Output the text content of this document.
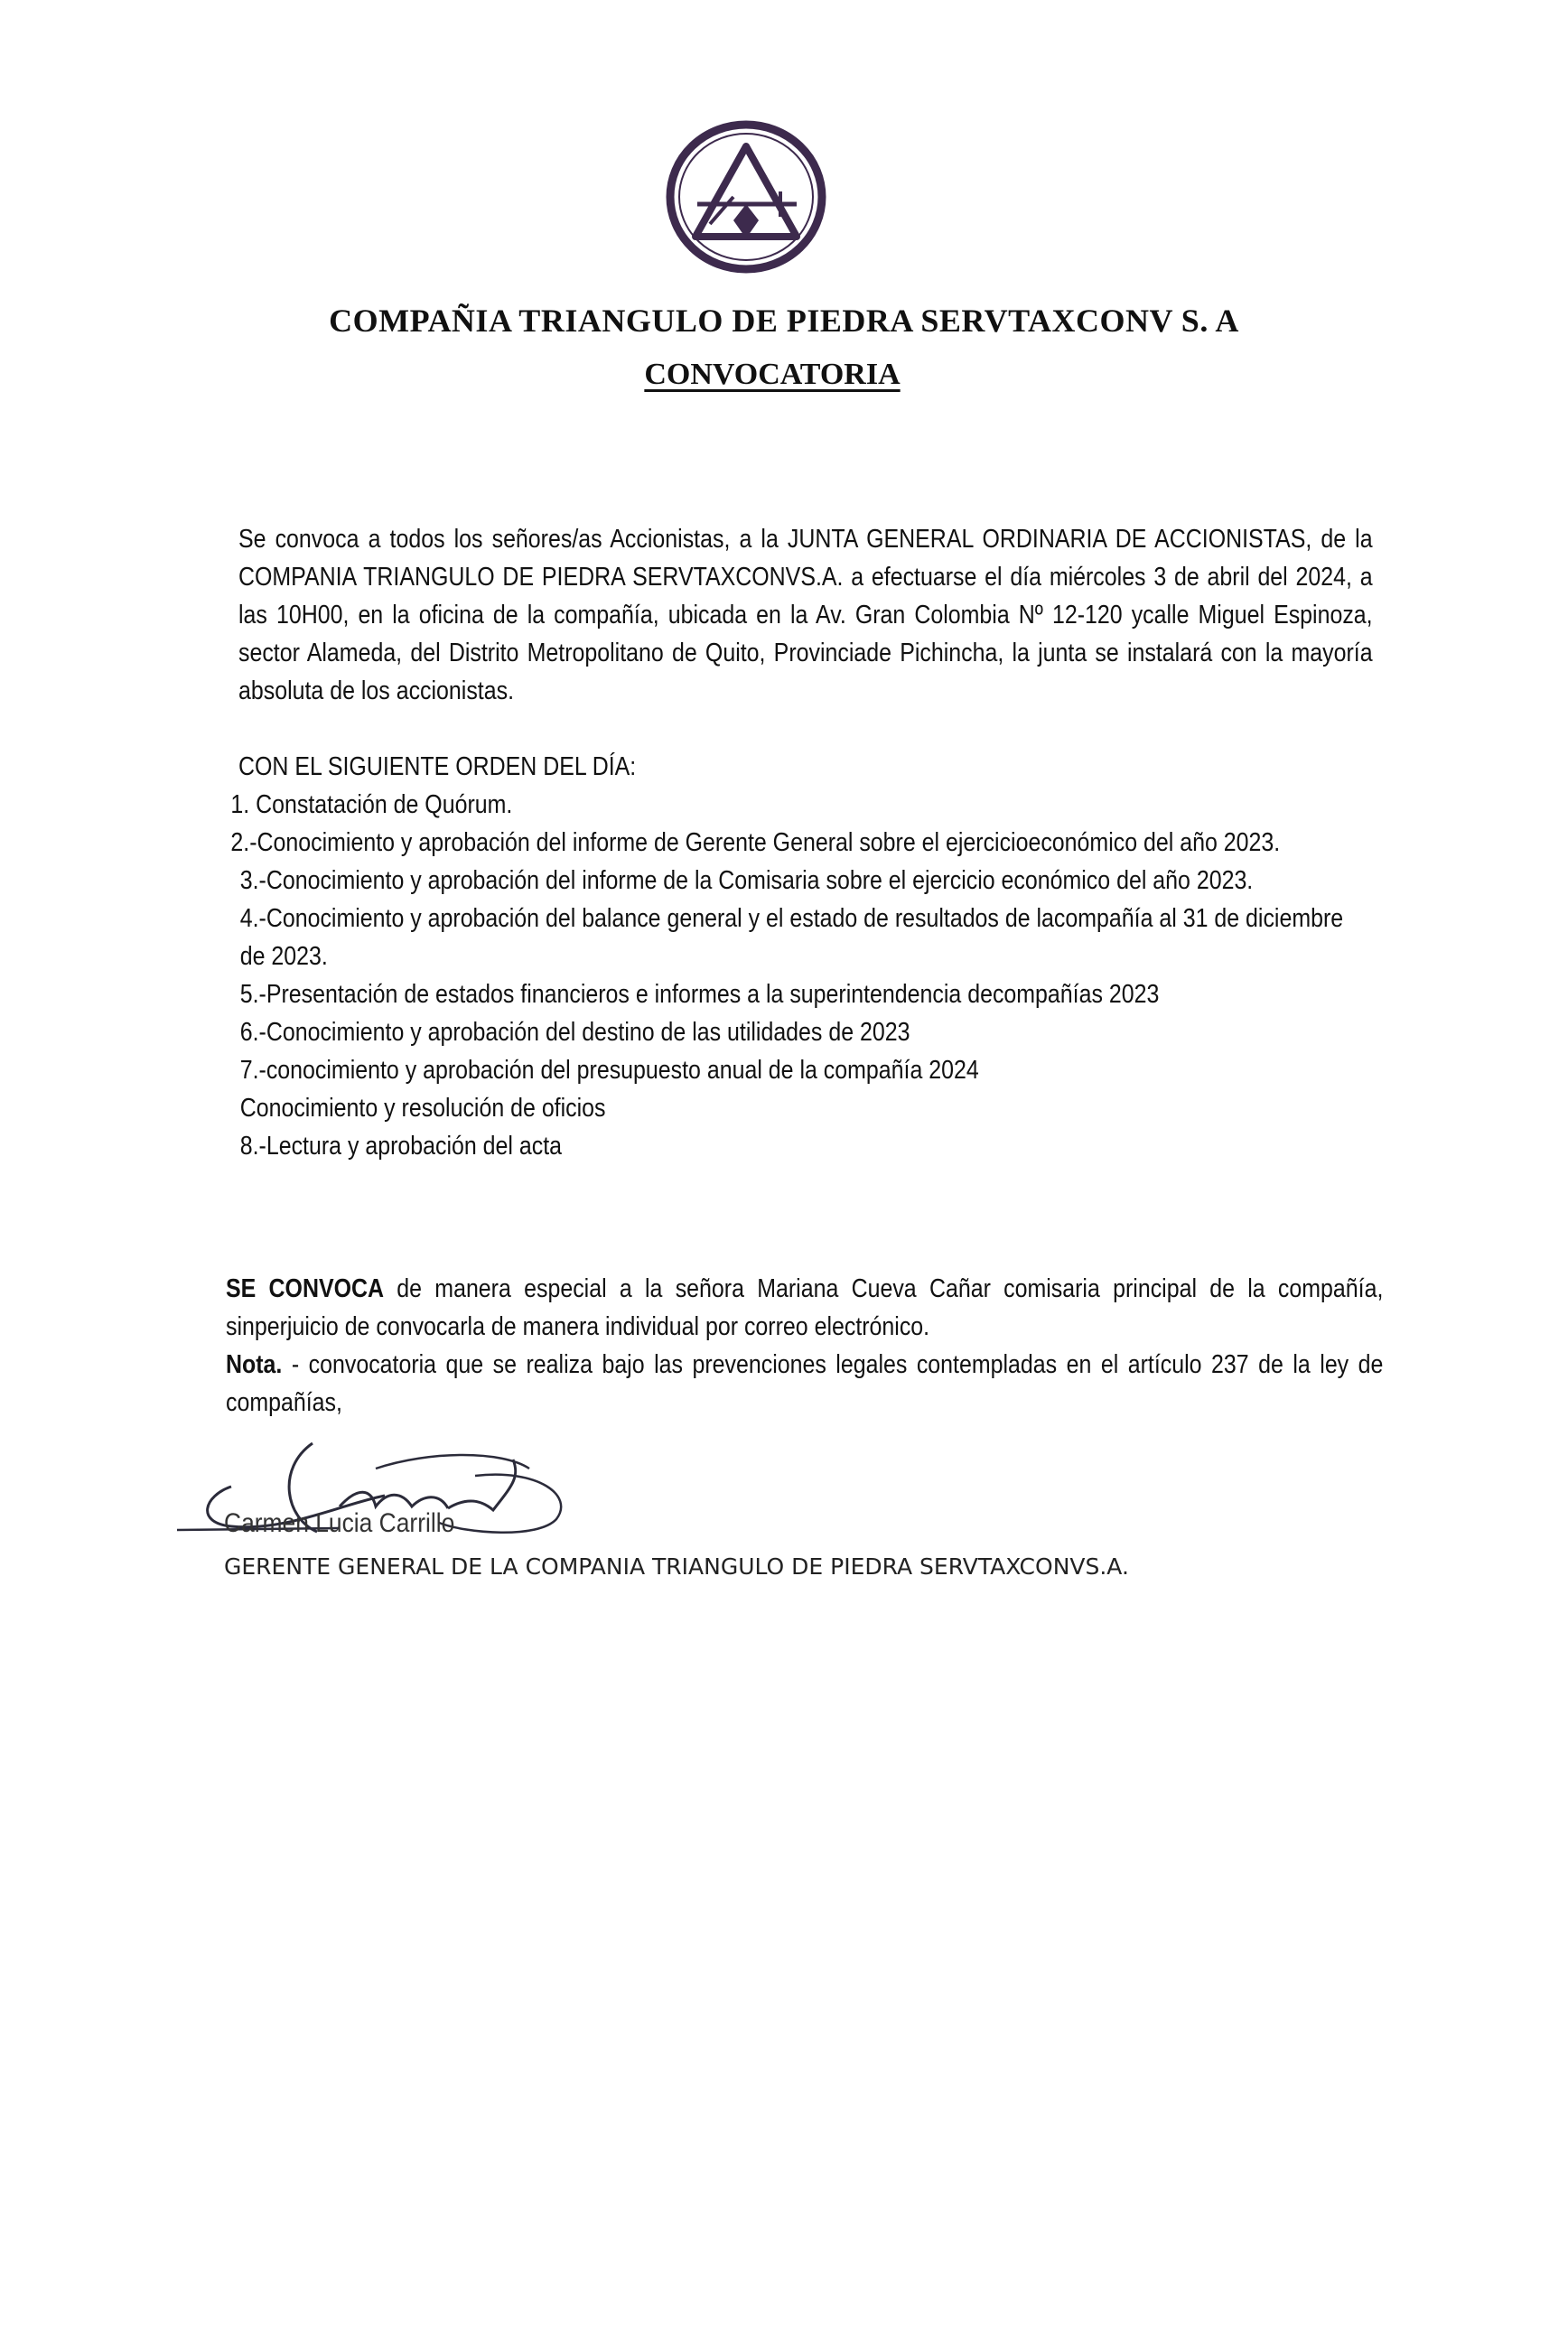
COMPAÑIA TRIANGULO DE PIEDRA SERVTAXCONV S. A
CONVOCATORIA

Se convoca a todos los señores/as Accionistas, a la JUNTA GENERAL ORDINARIA DE ACCIONISTAS, de la COMPANIA TRIANGULO DE PIEDRA SERVTAXCONVS.A. a efectuarse el día miércoles 3 de abril del 2024, a las 10H00, en la oficina de la compañía, ubicada en la Av. Gran Colombia Nº 12-120 ycalle Miguel Espinoza, sector Alameda, del Distrito Metropolitano de Quito, Provinciade Pichincha, la junta se instalará con la mayoría absoluta de los accionistas.

CON EL SIGUIENTE ORDEN DEL DÍA:

1. Constatación de Quórum.
2.-Conocimiento y aprobación del informe de Gerente General sobre el ejercicioeconómico del año 2023.
3.-Conocimiento y aprobación del informe de la Comisaria sobre el ejercicio económico del año 2023.
4.-Conocimiento y aprobación del balance general y el estado de resultados de lacompañía al 31 de diciembre de 2023.
5.-Presentación de estados financieros e informes a la superintendencia decompañías 2023
6.-Conocimiento y aprobación del destino de las utilidades de 2023
7.-conocimiento y aprobación del presupuesto anual de la compañía 2024
Conocimiento y resolución de oficios
8.-Lectura y aprobación del acta

SE CONVOCA de manera especial a la señora Mariana Cueva Cañar comisaria principal de la compañía, sinperjuicio de convocarla de manera individual por correo electrónico.

Nota. - convocatoria que se realiza bajo las prevenciones legales contempladas en el artículo 237 de la ley de compañías,

Carmen Lucia Carrillo
GERENTE GENERAL DE LA COMPANIA TRIANGULO DE PIEDRA SERVTAXCONVS.A.
